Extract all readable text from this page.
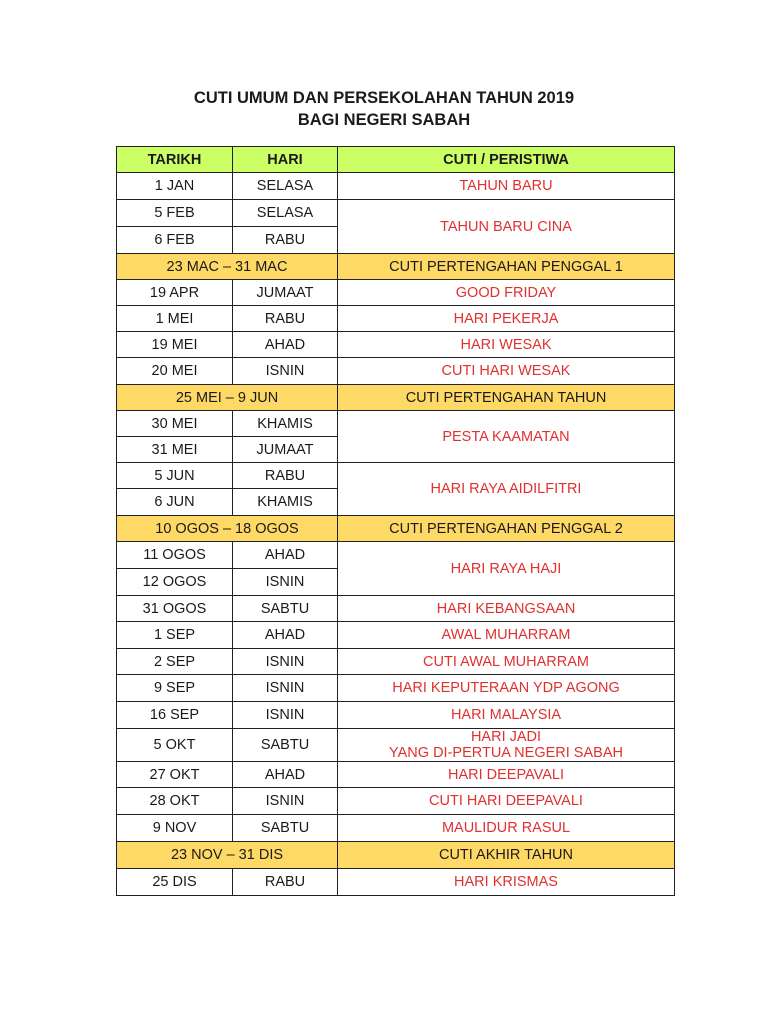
CUTI UMUM DAN PERSEKOLAHAN TAHUN 2019
BAGI NEGERI SABAH
TARIKH	HARI	CUTI / PERISTIWA
1 JAN	SELASA	TAHUN BARU
5 FEB	SELASA	TAHUN BARU CINA
6 FEB	RABU	
23 MAC – 31 MAC		CUTI PERTENGAHAN PENGGAL 1
19 APR	JUMAAT	GOOD FRIDAY
1 MEI	RABU	HARI PEKERJA
19 MEI	AHAD	HARI WESAK
20 MEI	ISNIN	CUTI HARI WESAK
25 MEI – 9 JUN		CUTI PERTENGAHAN TAHUN
30 MEI	KHAMIS	PESTA KAAMATAN
31 MEI	JUMAAT	
5 JUN	RABU	HARI RAYA AIDILFITRI
6 JUN	KHAMIS	
10 OGOS – 18 OGOS		CUTI PERTENGAHAN PENGGAL 2
11 OGOS	AHAD	HARI RAYA HAJI
12 OGOS	ISNIN	
31 OGOS	SABTU	HARI KEBANGSAAN
1 SEP	AHAD	AWAL MUHARRAM
2 SEP	ISNIN	CUTI AWAL MUHARRAM
9 SEP	ISNIN	HARI KEPUTERAAN YDP AGONG
16 SEP	ISNIN	HARI MALAYSIA
5 OKT	SABTU	HARI JADI
YANG DI-PERTUA NEGERI SABAH

27 OKT	AHAD	HARI DEEPAVALI
28 OKT	ISNIN	CUTI HARI DEEPAVALI
9 NOV	SABTU	MAULIDUR RASUL
23 NOV – 31 DIS		CUTI AKHIR TAHUN
25 DIS	RABU	HARI KRISMAS
